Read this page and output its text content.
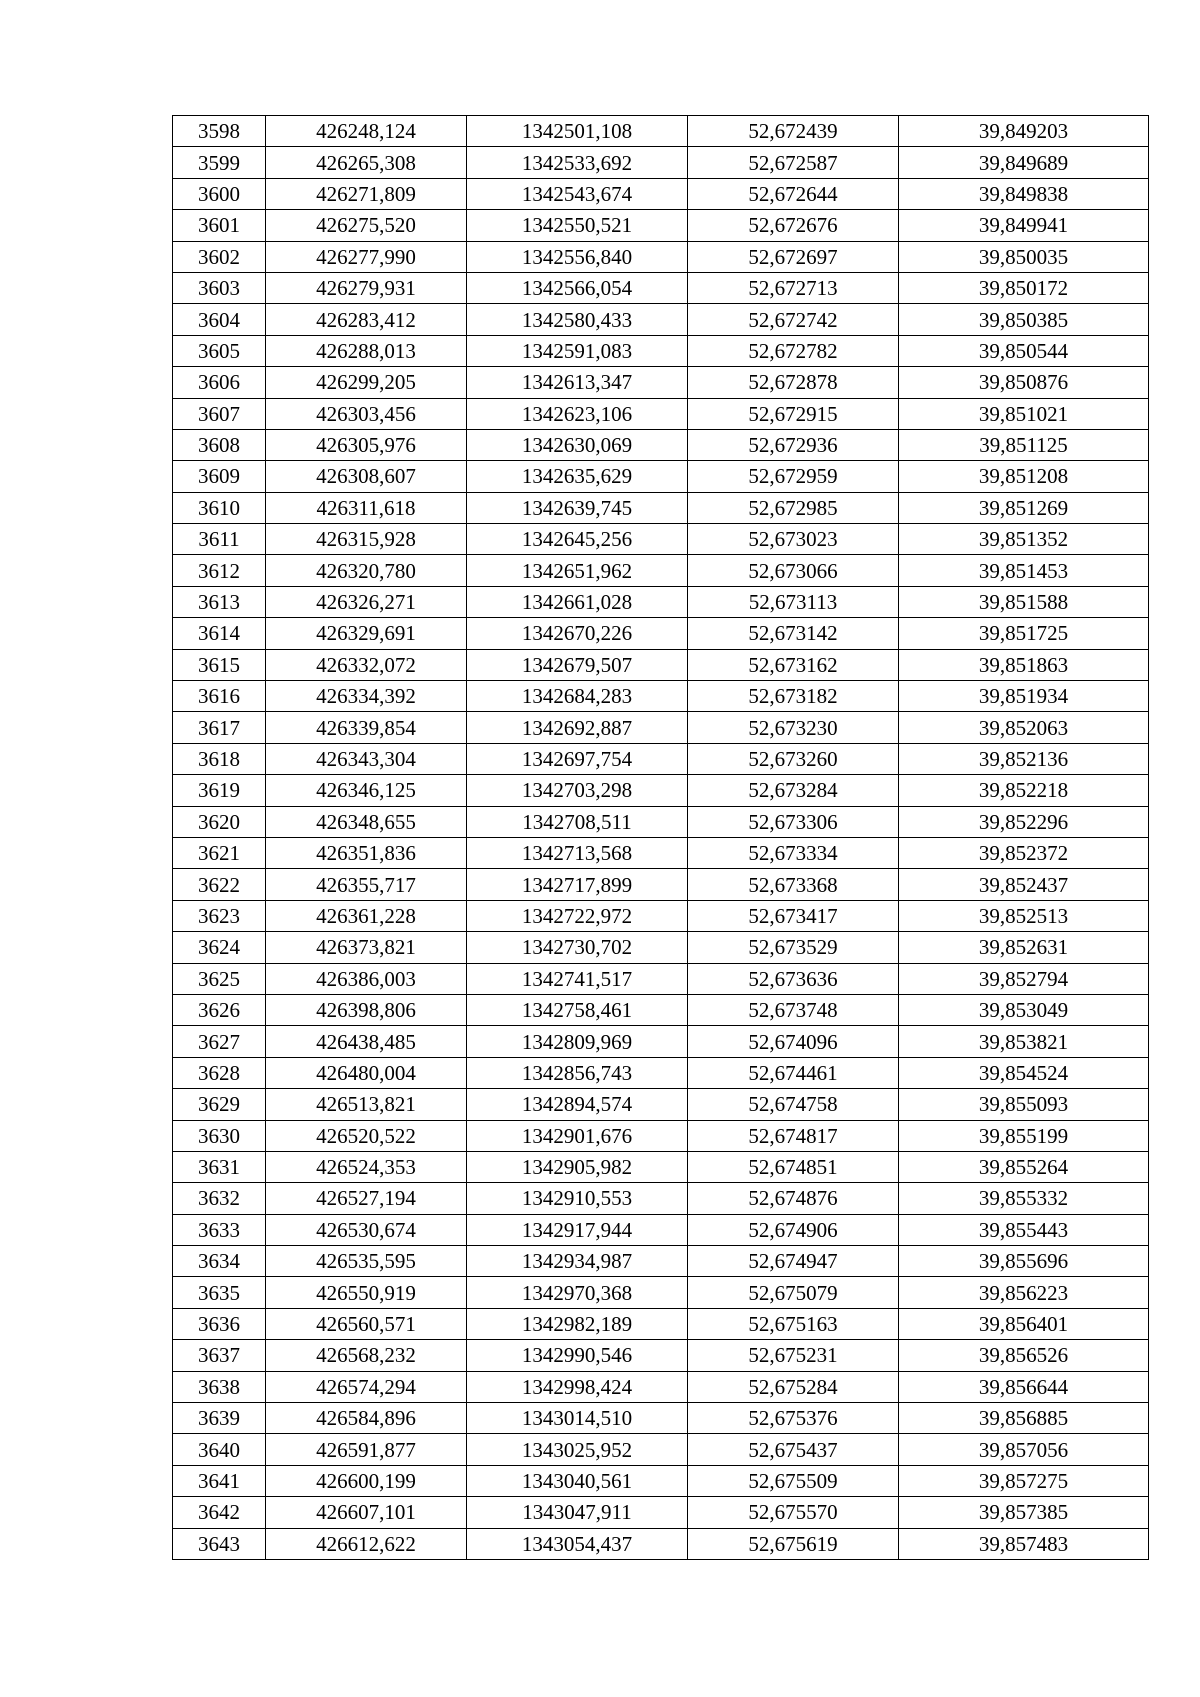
3598	426248,124	1342501,108	52,672439	39,849203
3599	426265,308	1342533,692	52,672587	39,849689
3600	426271,809	1342543,674	52,672644	39,849838
3601	426275,520	1342550,521	52,672676	39,849941
3602	426277,990	1342556,840	52,672697	39,850035
3603	426279,931	1342566,054	52,672713	39,850172
3604	426283,412	1342580,433	52,672742	39,850385
3605	426288,013	1342591,083	52,672782	39,850544
3606	426299,205	1342613,347	52,672878	39,850876
3607	426303,456	1342623,106	52,672915	39,851021
3608	426305,976	1342630,069	52,672936	39,851125
3609	426308,607	1342635,629	52,672959	39,851208
3610	426311,618	1342639,745	52,672985	39,851269
3611	426315,928	1342645,256	52,673023	39,851352
3612	426320,780	1342651,962	52,673066	39,851453
3613	426326,271	1342661,028	52,673113	39,851588
3614	426329,691	1342670,226	52,673142	39,851725
3615	426332,072	1342679,507	52,673162	39,851863
3616	426334,392	1342684,283	52,673182	39,851934
3617	426339,854	1342692,887	52,673230	39,852063
3618	426343,304	1342697,754	52,673260	39,852136
3619	426346,125	1342703,298	52,673284	39,852218
3620	426348,655	1342708,511	52,673306	39,852296
3621	426351,836	1342713,568	52,673334	39,852372
3622	426355,717	1342717,899	52,673368	39,852437
3623	426361,228	1342722,972	52,673417	39,852513
3624	426373,821	1342730,702	52,673529	39,852631
3625	426386,003	1342741,517	52,673636	39,852794
3626	426398,806	1342758,461	52,673748	39,853049
3627	426438,485	1342809,969	52,674096	39,853821
3628	426480,004	1342856,743	52,674461	39,854524
3629	426513,821	1342894,574	52,674758	39,855093
3630	426520,522	1342901,676	52,674817	39,855199
3631	426524,353	1342905,982	52,674851	39,855264
3632	426527,194	1342910,553	52,674876	39,855332
3633	426530,674	1342917,944	52,674906	39,855443
3634	426535,595	1342934,987	52,674947	39,855696
3635	426550,919	1342970,368	52,675079	39,856223
3636	426560,571	1342982,189	52,675163	39,856401
3637	426568,232	1342990,546	52,675231	39,856526
3638	426574,294	1342998,424	52,675284	39,856644
3639	426584,896	1343014,510	52,675376	39,856885
3640	426591,877	1343025,952	52,675437	39,857056
3641	426600,199	1343040,561	52,675509	39,857275
3642	426607,101	1343047,911	52,675570	39,857385
3643	426612,622	1343054,437	52,675619	39,857483
